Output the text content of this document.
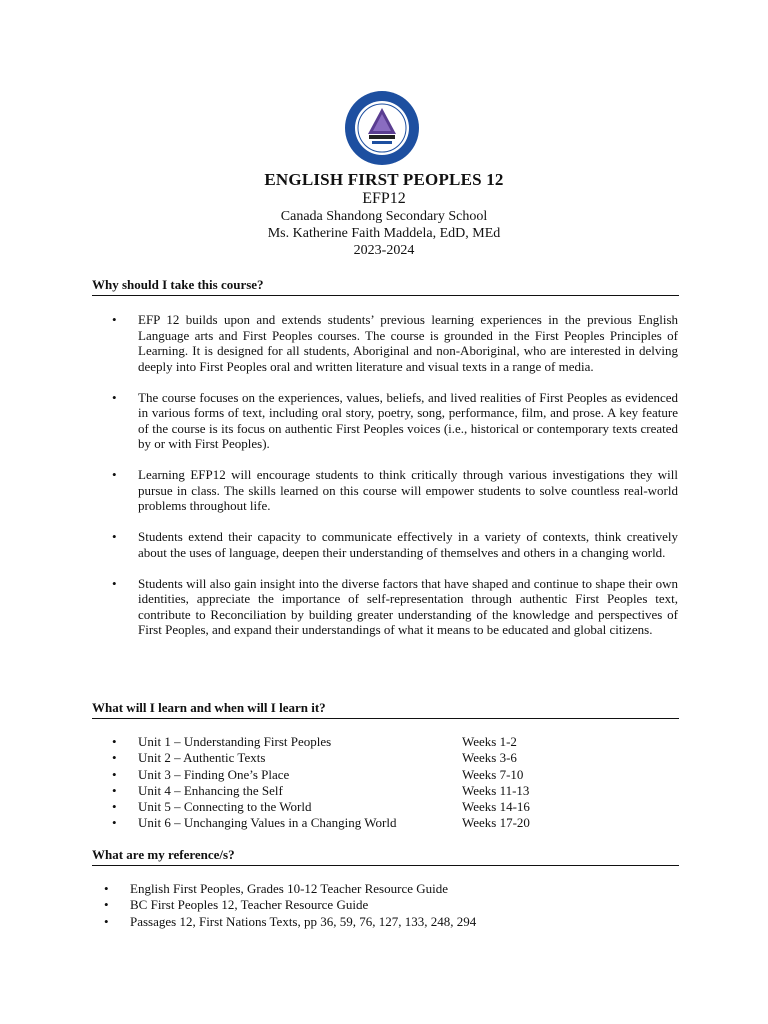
ENGLISH FIRST PEOPLES 12
EFP12
Canada Shandong Secondary School
Ms. Katherine Faith Maddela, EdD, MEd
2023-2024
Why should I take this course?
• EFP 12 builds upon and extends students’ previous learning experiences in the previous English Language arts and First Peoples courses. The course is grounded in the First Peoples Principles of Learning. It is designed for all students, Aboriginal and non-Aboriginal, who are interested in delving deeply into First Peoples oral and written literature and visual texts in a range of media.
• The course focuses on the experiences, values, beliefs, and lived realities of First Peoples as evidenced in various forms of text, including oral story, poetry, song, performance, film, and prose. A key feature of the course is its focus on authentic First Peoples voices (i.e., historical or contemporary texts created by or with First Peoples).
• Learning EFP12 will encourage students to think critically through various investigations they will pursue in class. The skills learned on this course will empower students to solve countless real-world problems throughout life.
• Students extend their capacity to communicate effectively in a variety of contexts, think creatively about the uses of language, deepen their understanding of themselves and others in a changing world.
• Students will also gain insight into the diverse factors that have shaped and continue to shape their own identities, appreciate the importance of self-representation through authentic First Peoples text, contribute to Reconciliation by building greater understanding of the knowledge and perspectives of First Peoples, and expand their understandings of what it means to be educated and global citizens.
What will I learn and when will I learn it?
• Unit 1 – Understanding First Peoples	Weeks 1-2
• Unit 2 – Authentic Texts	Weeks 3-6
• Unit 3 – Finding One’s Place	Weeks 7-10
• Unit 4 – Enhancing the Self	Weeks 11-13
• Unit 5 – Connecting to the World	Weeks 14-16
• Unit 6 – Unchanging Values in a Changing World	Weeks 17-20
What are my reference/s?
• English First Peoples, Grades 10-12 Teacher Resource Guide
• BC First Peoples 12, Teacher Resource Guide
• Passages 12, First Nations Texts, pp 36, 59, 76, 127, 133, 248, 294
